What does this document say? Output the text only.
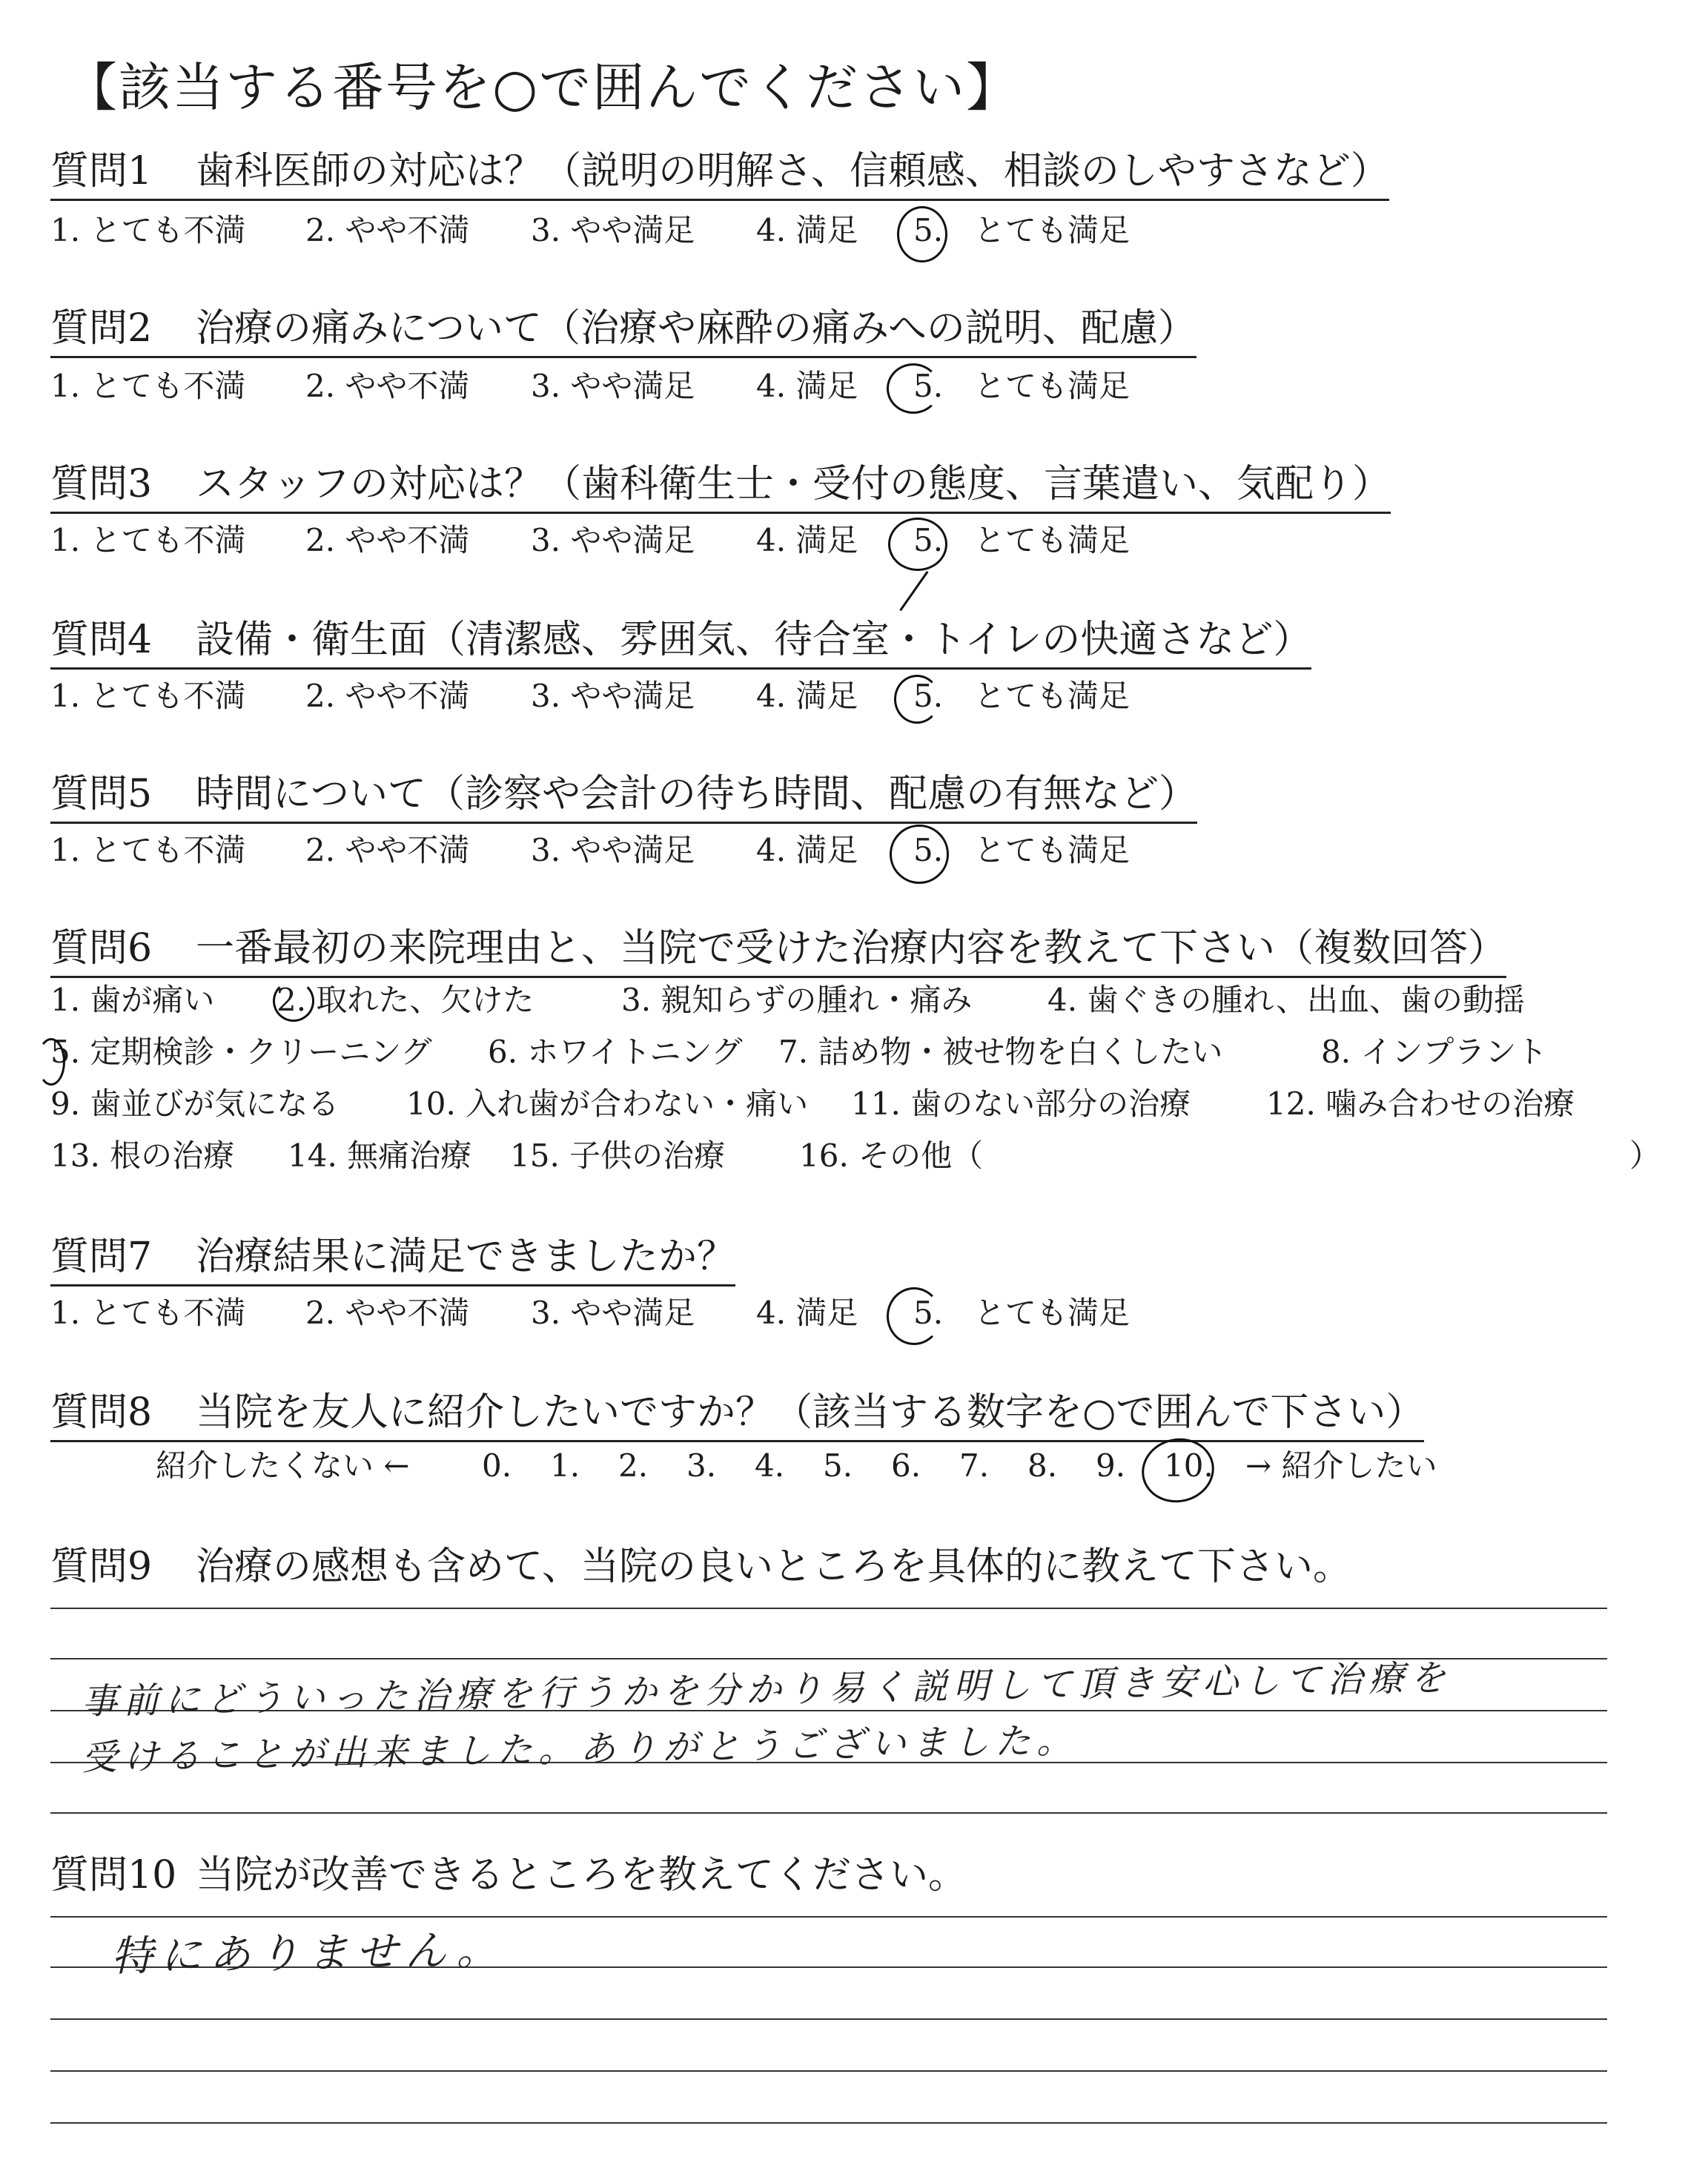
【該当する番号を○で囲んでください】
質問1 歯科医師の対応は？（説明の明解さ、信頼感、相談のしやすさなど）
1. とても不満 2. やや不満 3. やや満足 4. 満足 5. とても満足
質問2 治療の痛みについて（治療や麻酔の痛みへの説明、配慮）
1. とても不満 2. やや不満 3. やや満足 4. 満足 5. とても満足
質問3 スタッフの対応は？（歯科衛生士・受付の態度、言葉遣い、気配り）
1. とても不満 2. やや不満 3. やや満足 4. 満足 5. とても満足
質問4 設備・衛生面（清潔感、雰囲気、待合室・トイレの快適さなど）
1. とても不満 2. やや不満 3. やや満足 4. 満足 5. とても満足
質問5 時間について（診察や会計の待ち時間、配慮の有無など）
1. とても不満 2. やや不満 3. やや満足 4. 満足 5. とても満足
質問6 一番最初の来院理由と、当院で受けた治療内容を教えて下さい（複数回答）
1. 歯が痛い 2. 取れた、欠けた	3. 親知らずの腫れ・痛み 4. 歯ぐきの腫れ、出血、歯の動揺
5. 定期検診・クリーニング 6. ホワイトニング 7. 詰め物・被せ物を白くしたい	8. インプラント
9. 歯並びが気になる 10. 入れ歯が合わない・痛い 11. 歯のない部分の治療 12. 噛み合わせの治療
13. 根の治療 14. 無痛治療 15. 子供の治療 16. その他（	）
質問7 治療結果に満足できましたか？
1. とても不満 2. やや不満 3. やや満足 4. 満足 5. とても満足
質問8 当院を友人に紹介したいですか？（該当する数字を○で囲んで下さい）
紹介したくない ← 0. 1. 2. 3. 4. 5. 6. 7. 8. 9. 10. → 紹介したい
質問9 治療の感想も含めて、当院の良いところを具体的に教えて下さい。
事前にどういった治療を行うかを分かり易く説明して頂き安心して治療を
受けることが出来ました。ありがとうございました。
質問10 当院が改善できるところを教えてください。
特にありません。
